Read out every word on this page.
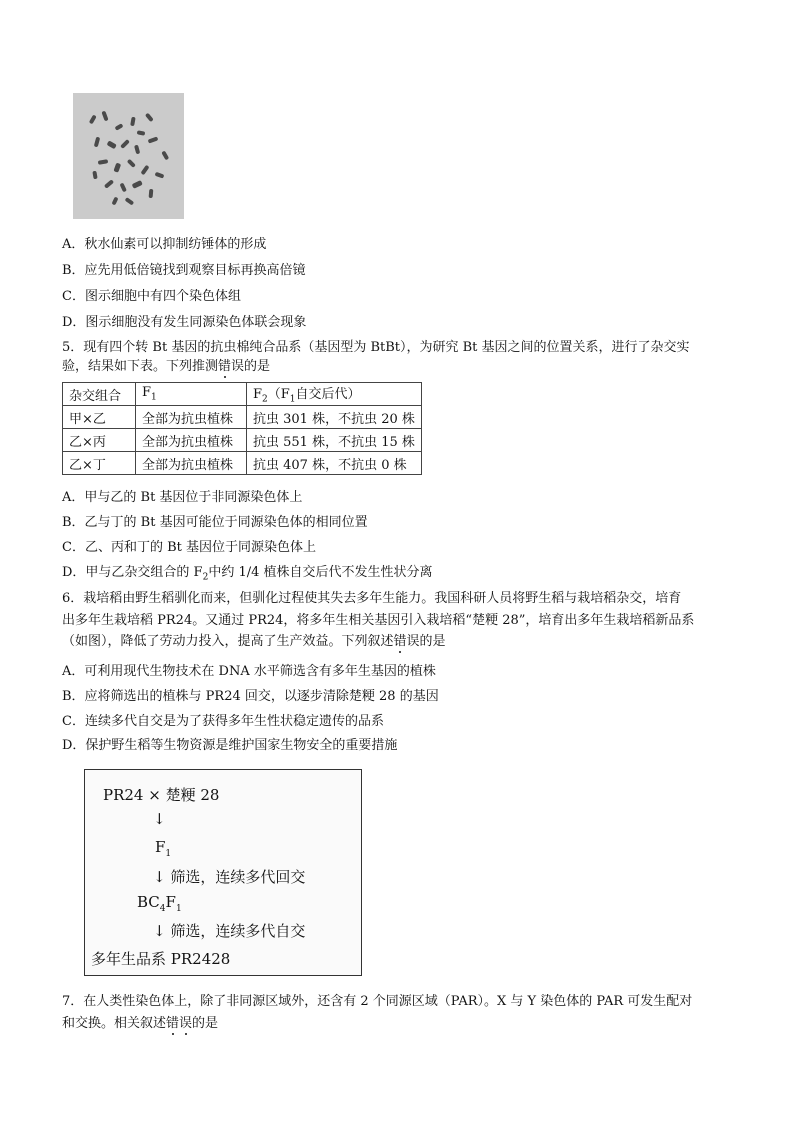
A．秋水仙素可以抑制纺锤体的形成
B．应先用低倍镜找到观察目标再换高倍镜
C．图示细胞中有四个染色体组
D．图示细胞没有发生同源染色体联会现象
5．现有四个转 Bt 基因的抗虫棉纯合品系（基因型为 BtBt），为研究 Bt 基因之间的位置关系，进行了杂交实
验，结果如下表。下列推测错误的是
杂交组合	$F_1$	$F_2(F_1$自交后代）
甲×乙	全部为抗虫植株	抗虫 301 株，不抗虫 20 株
乙×丙	全部为抗虫植株	抗虫 551 株，不抗虫 15 株
乙×丁	全部为抗虫植株	抗虫 407 株，不抗虫 0 株
A．甲与乙的 Bt 基因位于非同源染色体上
B．乙与丁的 Bt 基因可能位于同源染色体的相同位置
C．乙、丙和丁的 Bt 基因位于同源染色体上
D．甲与乙杂交组合的 $F_2$中约 1/4 植株自交后代不发生性状分离
6．栽培稻由野生稻驯化而来，但驯化过程使其失去多年生能力。我国科研人员将野生稻与栽培稻杂交，培育
出多年生栽培稻 PR24。又通过 PR24，将多年生相关基因引入栽培稻“楚粳 28”，培育出多年生栽培稻新品系
（如图），降低了劳动力投入，提高了生产效益。下列叙述错误的是
A．可利用现代生物技术在 DNA 水平筛选含有多年生基因的植株
B．应将筛选出的植株与 PR24 回交，以逐步清除楚粳 28 的基因
C．连续多代自交是为了获得多年生性状稳定遗传的品系
D．保护野生稻等生物资源是维护国家生物安全的重要措施
PR24 × 楚粳 28
↓
$F_1$
↓ 筛选，连续多代回交
$BC_4F_1$
↓ 筛选，连续多代自交
多年生品系 PR2428
7．在人类性染色体上，除了非同源区域外，还含有 2 个同源区域（PAR）。X 与 Y 染色体的 PAR 可发生配对
和交换。相关叙述错误的是
